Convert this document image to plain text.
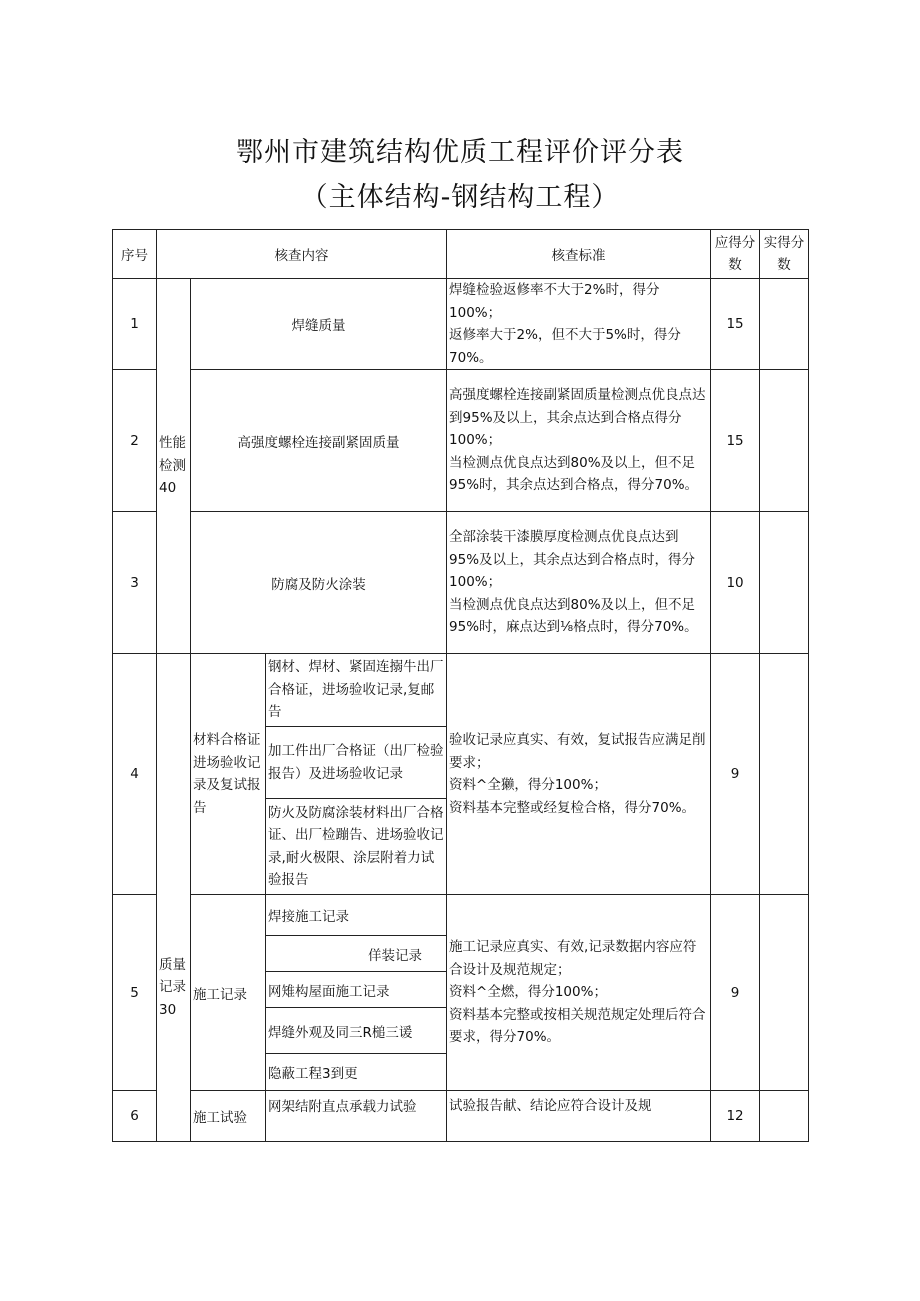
鄂州市建筑结构优质工程评价评分表
（主体结构-钢结构工程）
序号	核查内容			核查标准	应得分数	实得分数
1	性能检测40	焊缝质量		焊缝检验返修率不大于2%时，得分100%；
返修率大于2%，但不大于5%时，得分70%。	15	
2		高强度螺栓连接副紧固质量		高强度螺栓连接副紧固质量检测点优良点达到95%及以上，其余点达到合格点得分100%；
当检测点优良点达到80%及以上，但不足95%时，其余点达到合格点，得分70%。	15	
3		防腐及防火涂装		全部涂装干漆膜厚度检测点优良点达到95%及以上，其余点达到合格点时，得分100%；
当检测点优良点达到80%及以上，但不足95%时，麻点达到⅛格点时，得分70%。	10	
4	质量记录30	材料合格证进场验收记录及复试报告	钢材、焊材、紧固连搦牛出厂合格证，进场验收记录,复邮告	验收记录应真实、有效，复试报告应满足削要求；
资料^全獭，得分100%；
资料基本完整或经复检合格，得分70%。	9	
			加工件出厂合格证（出厂检验报告）及进场验收记录			
			防火及防腐涂装材料出厂合格证、出厂检蹦告、进场验收记录,耐火极限、涂层附着力试验报告			
5		施工记录	焊接施工记录	施工记录应真实、有效,记录数据内容应符合设计及规范规定；
资料^全燃，得分100%；
资料基本完整或按相关规范规定处理后符合要求，得分70%。	9	
			佯装记录			
			网雉构屋面施工记录			
			焊缝外观及同三R槌三谖			
			隐蔽工程3到更			
6		施工试验	网架结附直点承载力试验	试验报告献、结论应符合设计及规	12	
